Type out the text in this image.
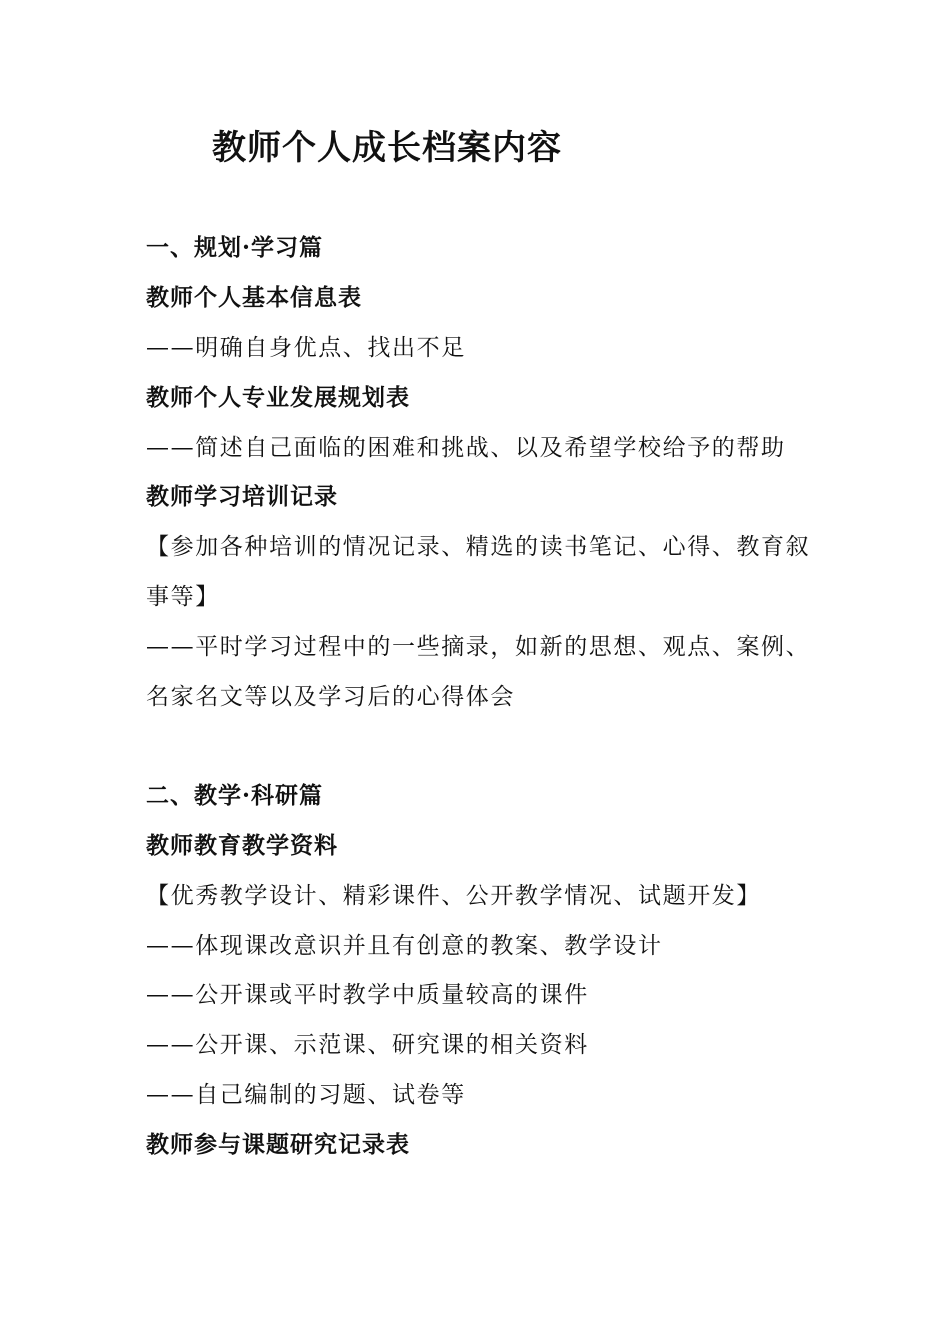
教师个人成长档案内容
一、规划·学习篇
教师个人基本信息表
——明确自身优点、找出不足
教师个人专业发展规划表
——简述自己面临的困难和挑战、以及希望学校给予的帮助
教师学习培训记录
【参加各种培训的情况记录、精选的读书笔记、心得、教育叙
事等】
——平时学习过程中的一些摘录，如新的思想、观点、案例、
名家名文等以及学习后的心得体会
二、教学·科研篇
教师教育教学资料
【优秀教学设计、精彩课件、公开教学情况、试题开发】
——体现课改意识并且有创意的教案、教学设计
——公开课或平时教学中质量较高的课件
——公开课、示范课、研究课的相关资料
——自己编制的习题、试卷等
教师参与课题研究记录表
